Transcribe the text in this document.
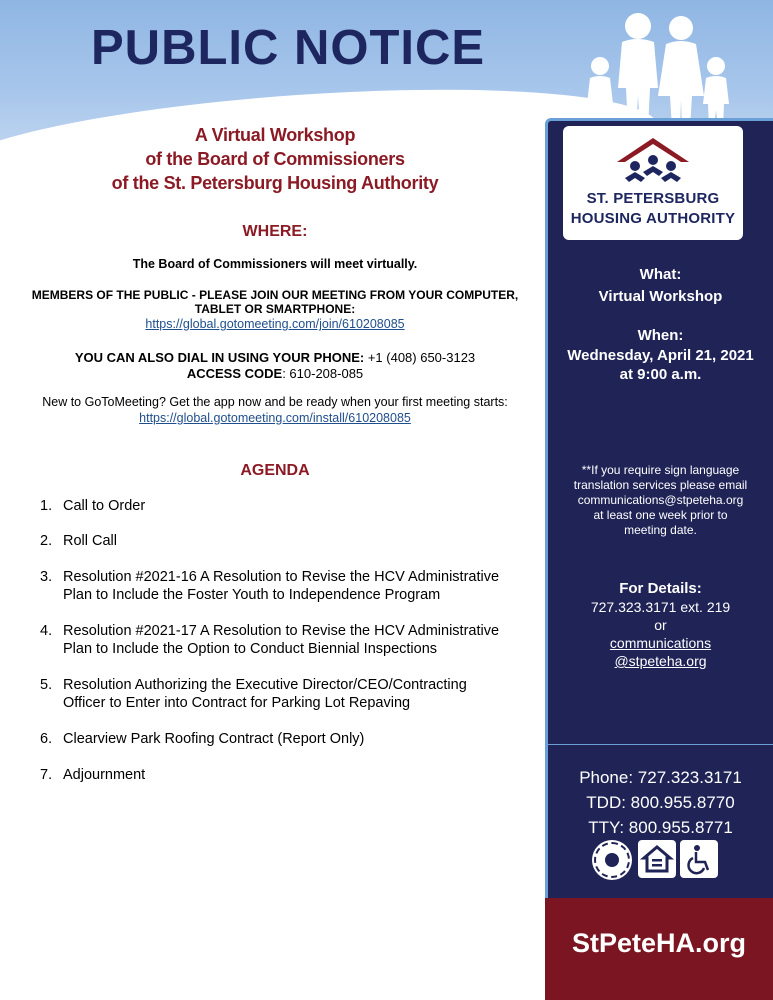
PUBLIC NOTICE
ST. PETERSBURG
HOUSING AUTHORITY
What:
Virtual Workshop
When:
Wednesday, April 21, 2021
at 9:00 a.m.
**If you require sign language
translation services please email
communications@stpeteha.org
at least one week prior to
meeting date.
For Details:
727.323.3171 ext. 219
or
communications
@stpeteha.org
Phone: 727.323.3171
TDD: 800.955.8770
TTY: 800.955.8771
StPeteHA.org
A Virtual Workshop
of the Board of Commissioners
of the St. Petersburg Housing Authority
WHERE:
The Board of Commissioners will meet virtually.
MEMBERS OF THE PUBLIC - PLEASE JOIN OUR MEETING FROM YOUR COMPUTER,
TABLET OR SMARTPHONE:
https://global.gotomeeting.com/join/610208085
YOU CAN ALSO DIAL IN USING YOUR PHONE: +1 (408) 650-3123
ACCESS CODE: 610-208-085
New to GoToMeeting? Get the app now and be ready when your first meeting starts:
https://global.gotomeeting.com/install/610208085
AGENDA
1. Call to Order
2. Roll Call
3. Resolution #2021-16 A Resolution to Revise the HCV Administrative
Plan to Include the Foster Youth to Independence Program
4. Resolution #2021-17 A Resolution to Revise the HCV Administrative
Plan to Include the Option to Conduct Biennial Inspections
5. Resolution Authorizing the Executive Director/CEO/Contracting
Officer to Enter into Contract for Parking Lot Repaving
6. Clearview Park Roofing Contract (Report Only)
7. Adjournment
